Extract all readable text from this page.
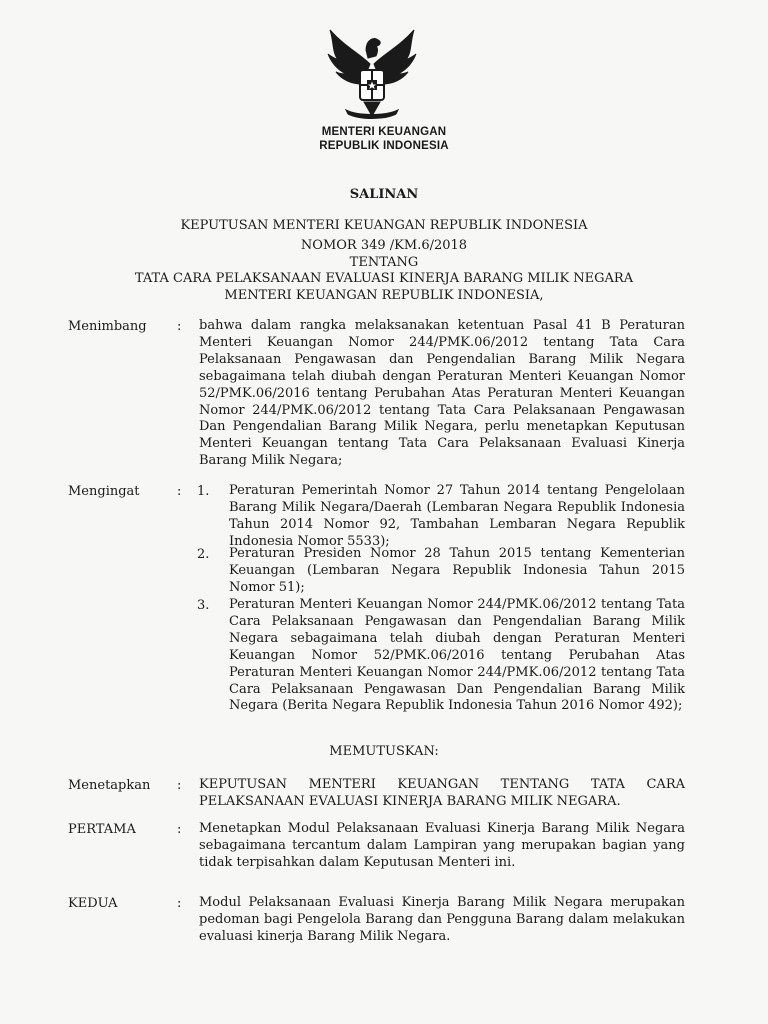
MENTERI KEUANGAN
REPUBLIK INDONESIA
SALINAN
KEPUTUSAN MENTERI KEUANGAN REPUBLIK INDONESIA
NOMOR 349 /KM.6/2018
TENTANG
TATA CARA PELAKSANAAN EVALUASI KINERJA BARANG MILIK NEGARA
MENTERI KEUANGAN REPUBLIK INDONESIA,
Menimbang : bahwa dalam rangka melaksanakan ketentuan Pasal 41 B Peraturan Menteri Keuangan Nomor 244/PMK.06/2012 tentang Tata Cara Pelaksanaan Pengawasan dan Pengendalian Barang Milik Negara sebagaimana telah diubah dengan Peraturan Menteri Keuangan Nomor 52/PMK.06/2016 tentang Perubahan Atas Peraturan Menteri Keuangan Nomor 244/PMK.06/2012 tentang Tata Cara Pelaksanaan Pengawasan Dan Pengendalian Barang Milik Negara, perlu menetapkan Keputusan Menteri Keuangan tentang Tata Cara Pelaksanaan Evaluasi Kinerja Barang Milik Negara;
Mengingat	: 1. Peraturan Pemerintah Nomor 27 Tahun 2014 tentang Pengelolaan Barang Milik Negara/Daerah (Lembaran Negara Republik Indonesia Tahun 2014 Nomor 92, Tambahan Lembaran Negara Republik Indonesia Nomor 5533);
2. Peraturan Presiden Nomor 28 Tahun 2015 tentang Kementerian Keuangan (Lembaran Negara Republik Indonesia Tahun 2015 Nomor 51);
3. Peraturan Menteri Keuangan Nomor 244/PMK.06/2012 tentang Tata Cara Pelaksanaan Pengawasan dan Pengendalian Barang Milik Negara sebagaimana telah diubah dengan Peraturan Menteri Keuangan Nomor 52/PMK.06/2016 tentang Perubahan Atas Peraturan Menteri Keuangan Nomor 244/PMK.06/2012 tentang Tata Cara Pelaksanaan Pengawasan Dan Pengendalian Barang Milik Negara (Berita Negara Republik Indonesia Tahun 2016 Nomor 492);
MEMUTUSKAN:
Menetapkan : KEPUTUSAN MENTERI KEUANGAN TENTANG TATA CARA PELAKSANAAN EVALUASI KINERJA BARANG MILIK NEGARA.
PERTAMA	: Menetapkan Modul Pelaksanaan Evaluasi Kinerja Barang Milik Negara sebagaimana tercantum dalam Lampiran yang merupakan bagian yang tidak terpisahkan dalam Keputusan Menteri ini.
KEDUA	: Modul Pelaksanaan Evaluasi Kinerja Barang Milik Negara merupakan pedoman bagi Pengelola Barang dan Pengguna Barang dalam melakukan evaluasi kinerja Barang Milik Negara.
